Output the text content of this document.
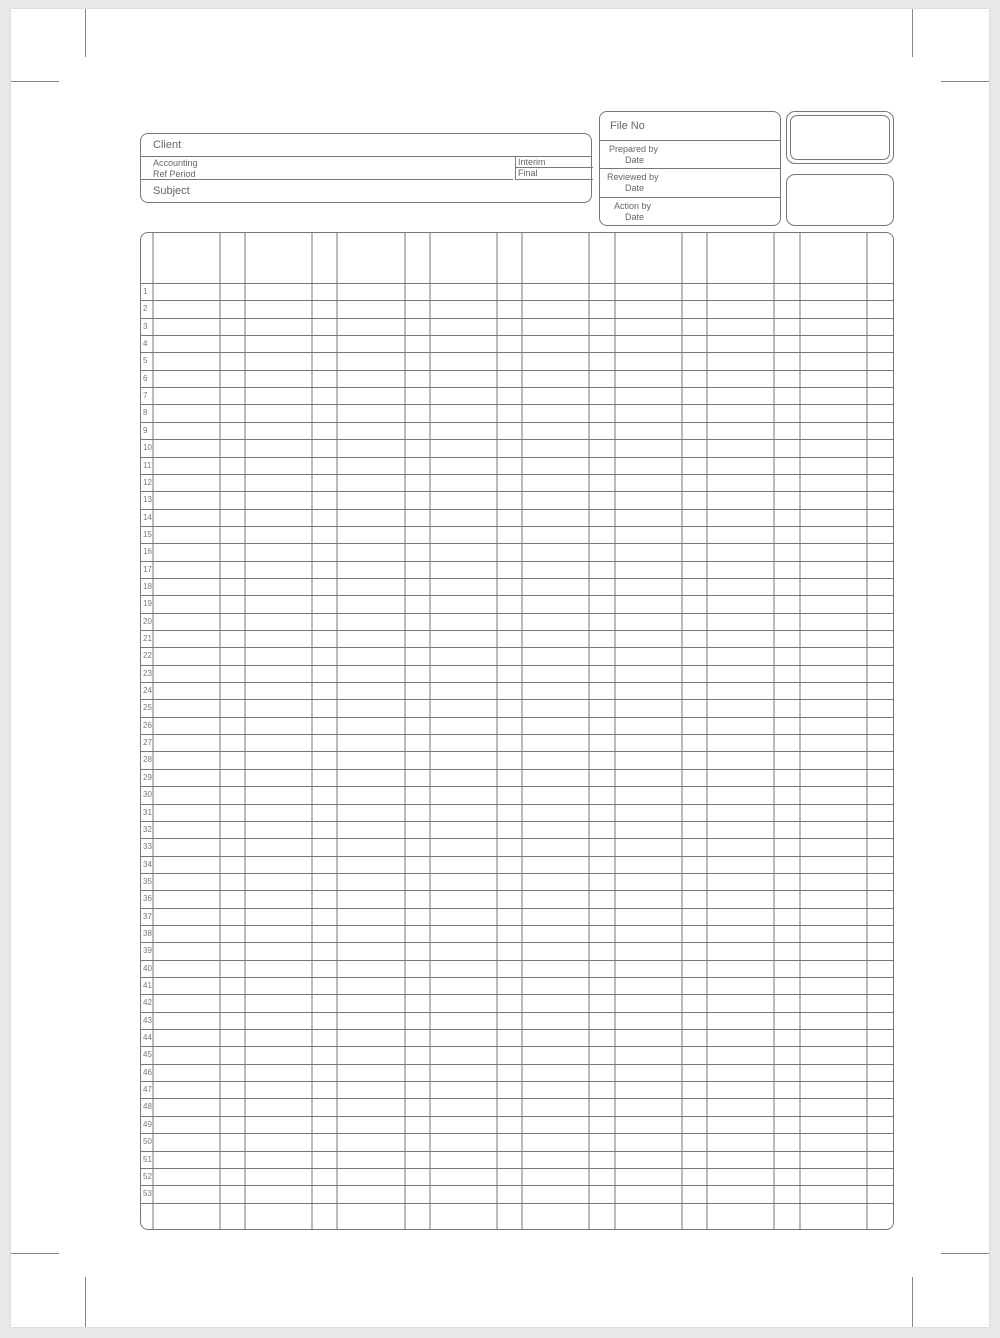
Client
Accounting
Ref Period
Interim
Final
Subject
File No
Prepared by
Date
Reviewed by
Date
Action by
Date
1
2
3
4
5
6
7
8
9
10
11
12
13
14
15
16
17
18
19
20
21
22
23
24
25
26
27
28
29
30
31
32
33
34
35
36
37
38
39
40
41
42
43
44
45
46
47
48
49
50
51
52
53
